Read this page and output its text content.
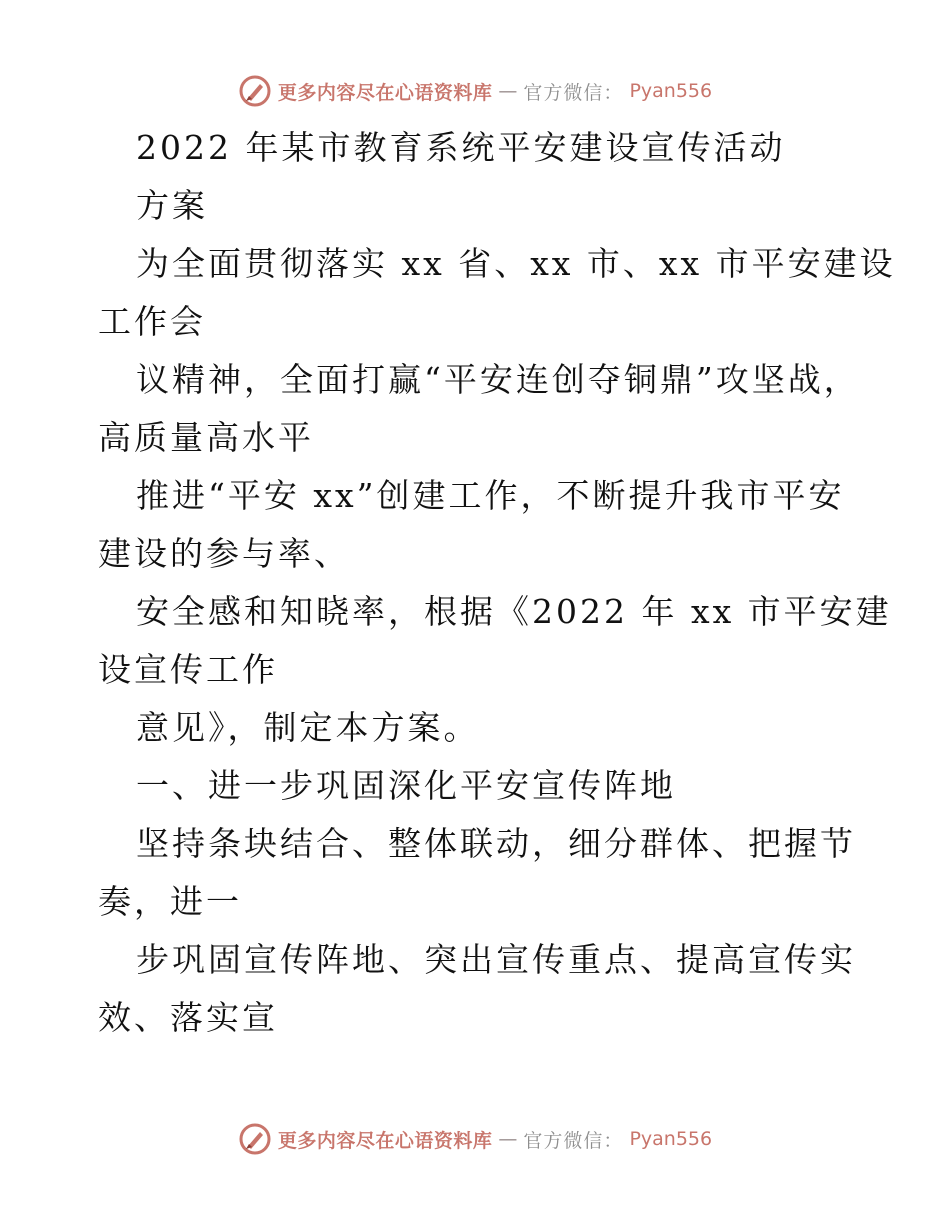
更多内容尽在心语资料库 — 官方微信： Pyan556
2022 年某市教育系统平安建设宣传活动
方案
为全面贯彻落实 xx 省、xx 市、xx 市平安建设
工作会
议精神，全面打赢“平安连创夺铜鼎”攻坚战，
高质量高水平
推进“平安 xx”创建工作，不断提升我市平安
建设的参与率、
安全感和知晓率，根据《2022 年 xx 市平安建
设宣传工作
意见》，制定本方案。
一、进一步巩固深化平安宣传阵地
坚持条块结合、整体联动，细分群体、把握节
奏，进一
步巩固宣传阵地、突出宣传重点、提高宣传实
效、落实宣
更多内容尽在心语资料库 — 官方微信： Pyan556
